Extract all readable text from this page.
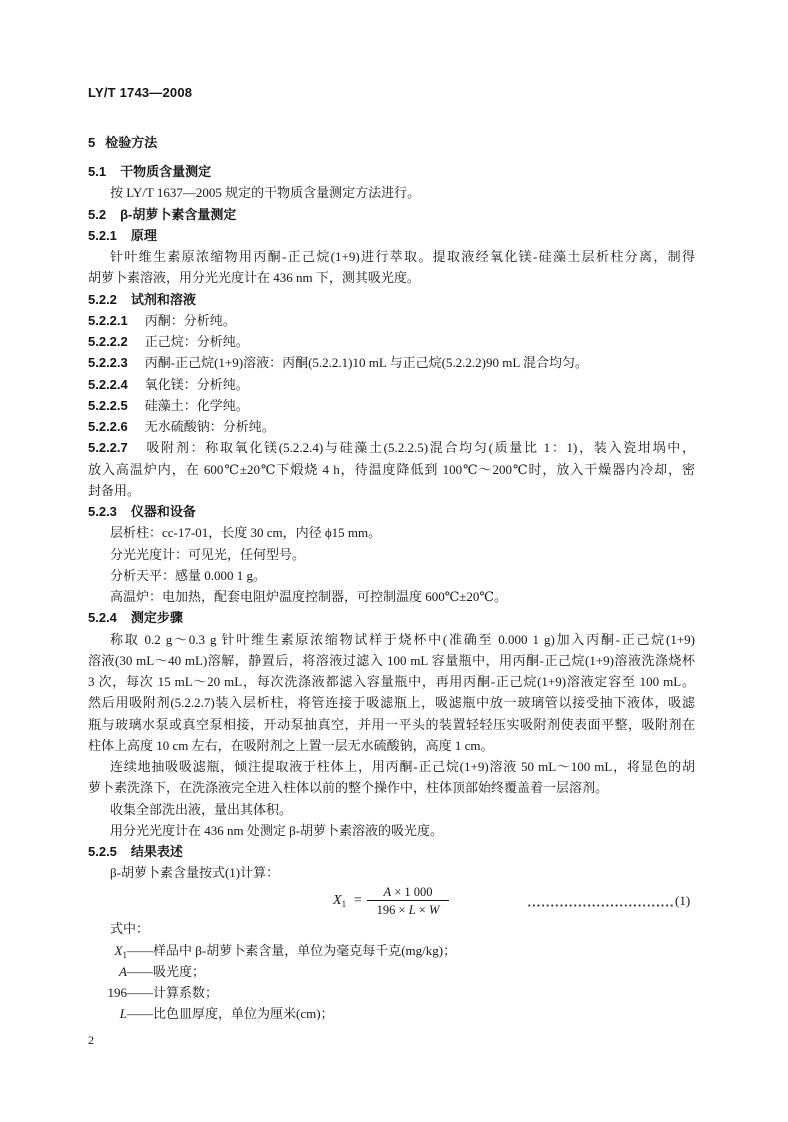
LY/T 1743—2008
5 检验方法
5.1 干物质含量测定
按 LY/T 1637—2005 规定的干物质含量测定方法进行。
5.2 β-胡萝卜素含量测定
5.2.1 原理
针叶维生素原浓缩物用丙酮-正己烷(1+9)进行萃取。提取液经氧化镁-硅藻土层析柱分离，制得
胡萝卜素溶液，用分光光度计在 436 nm 下，测其吸光度。
5.2.2 试剂和溶液
5.2.2.1 丙酮：分析纯。
5.2.2.2 正己烷：分析纯。
5.2.2.3 丙酮-正己烷(1+9)溶液：丙酮(5.2.2.1)10 mL 与正己烷(5.2.2.2)90 mL 混合均匀。
5.2.2.4 氧化镁：分析纯。
5.2.2.5 硅藻土：化学纯。
5.2.2.6 无水硫酸钠：分析纯。
5.2.2.7 吸附剂：称取氧化镁(5.2.2.4)与硅藻土(5.2.2.5)混合均匀(质量比 1：1)，装入瓷坩埚中，
放入高温炉内，在 600℃±20℃下煅烧 4 h，待温度降低到 100℃～200℃时，放入干燥器内冷却，密
封备用。
5.2.3 仪器和设备
层析柱：cc-17-01，长度 30 cm，内径 ϕ15 mm。
分光光度计：可见光，任何型号。
分析天平：感量 0.000 1 g。
高温炉：电加热，配套电阻炉温度控制器，可控制温度 600℃±20℃。
5.2.4 测定步骤
称取 0.2 g～0.3 g 针叶维生素原浓缩物试样于烧杯中(准确至 0.000 1 g)加入丙酮-正己烷(1+9)
溶液(30 mL～40 mL)溶解，静置后，将溶液过滤入 100 mL 容量瓶中，用丙酮-正己烷(1+9)溶液洗涤烧杯
3 次，每次 15 mL～20 mL，每次洗涤液都滤入容量瓶中，再用丙酮-正己烷(1+9)溶液定容至 100 mL。
然后用吸附剂(5.2.2.7)装入层析柱，将管连接于吸滤瓶上，吸滤瓶中放一玻璃管以接受抽下液体，吸滤
瓶与玻璃水泵或真空泵相接，开动泵抽真空，并用一平头的装置轻轻压实吸附剂使表面平整，吸附剂在
柱体上高度 10 cm 左右，在吸附剂之上置一层无水硫酸钠，高度 1 cm。
连续地抽吸吸滤瓶，倾注提取液于柱体上，用丙酮-正己烷(1+9)溶液 50 mL～100 mL，将显色的胡
萝卜素洗涤下，在洗涤液完全进入柱体以前的整个操作中，柱体顶部始终覆盖着一层溶剂。
收集全部洗出液，量出其体积。
用分光光度计在 436 nm 处测定 β-胡萝卜素溶液的吸光度。
5.2.5 结果表述
β-胡萝卜素含量按式(1)计算：
$X_1$ =
A × 1 000
196 × L × W
(1)
式中：
$X_1——$样品中 β-胡萝卜素含量，单位为毫克每千克(mg/kg)；
A——吸光度；
196——计算系数；
L——比色皿厚度，单位为厘米(cm)；
2
